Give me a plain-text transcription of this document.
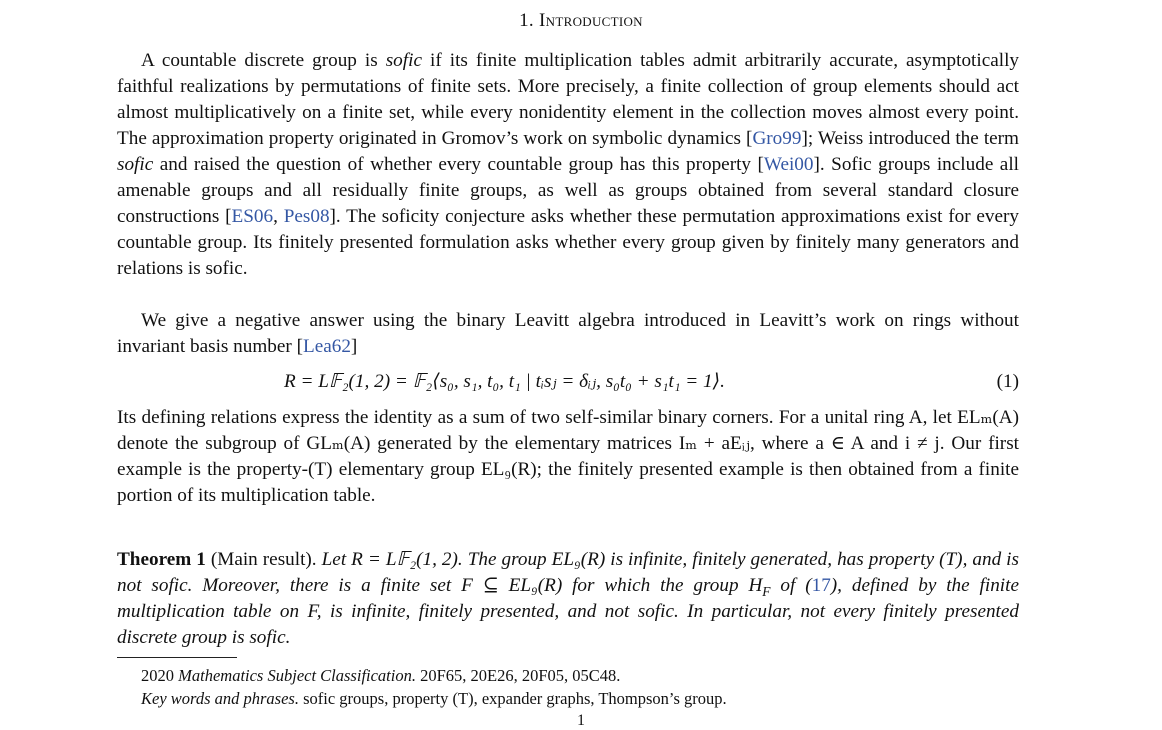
1. Introduction

A countable discrete group is sofic if its finite multiplication tables admit arbitrarily accurate, asymptotically faithful realizations by permutations of finite sets. More precisely, a finite collection of group elements should act almost multiplicatively on a finite set, while every nonidentity element in the collection moves almost every point. The approximation property originated in Gromov’s work on symbolic dynamics [Gro99]; Weiss introduced the term sofic and raised the question of whether every countable group has this property [Wei00]. Sofic groups include all amenable groups and all residually finite groups, as well as groups obtained from several standard closure constructions [ES06, Pes08]. The soficity conjecture asks whether these permutation approximations exist for every countable group. Its finitely presented formulation asks whether every group given by finitely many generators and relations is sofic.

We give a negative answer using the binary Leavitt algebra introduced in Leavitt’s work on rings without invariant basis number [Lea62]

R = L𝔽₂(1, 2) = 𝔽₂⟨s₀, s₁, t₀, t₁ | tᵢsⱼ = δᵢⱼ, s₀t₀ + s₁t₁ = 1⟩.	(1)

Its defining relations express the identity as a sum of two self-similar binary corners. For a unital ring A, let ELₘ(A) denote the subgroup of GLₘ(A) generated by the elementary matrices Iₘ + aEᵢⱼ, where a ∈ A and i ≠ j. Our first example is the property-(T) elementary group EL₉(R); the finitely presented example is then obtained from a finite portion of its multiplication table.

Theorem 1 (Main result). Let R = L𝔽₂(1, 2). The group EL₉(R) is infinite, finitely generated, has property (T), and is not sofic. Moreover, there is a finite set F ⊆ EL₉(R) for which the group $H_F$ of (17), defined by the finite multiplication table on F, is infinite, finitely presented, and not sofic. In particular, not every finitely presented discrete group is sofic.

2020 Mathematics Subject Classification. 20F65, 20E26, 20F05, 05C48.
Key words and phrases. sofic groups, property (T), expander graphs, Thompson’s group.
1
